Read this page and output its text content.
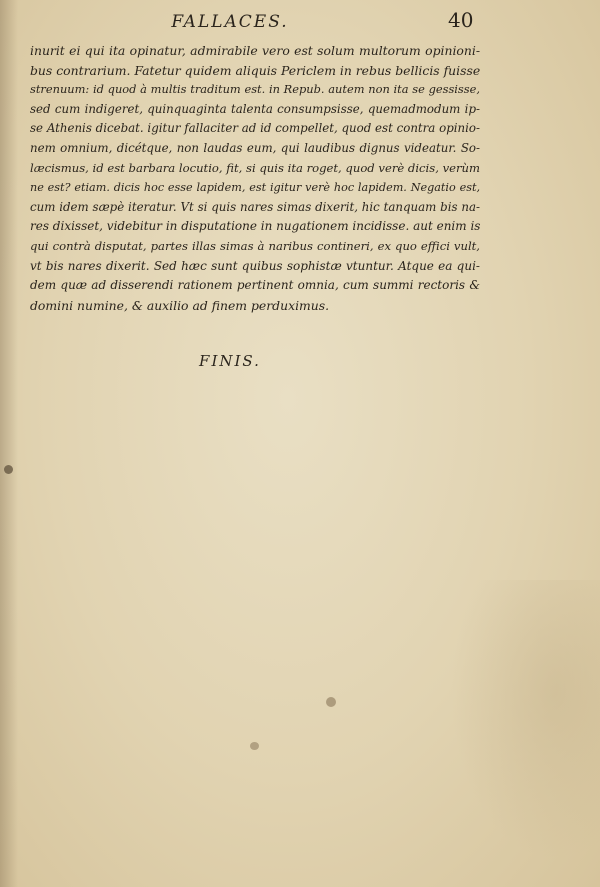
FALLACES.	40
inurit ei qui ita opinatur, admirabile vero est solum multorum opinioni-
bus contrarium. Fatetur quidem aliquis Periclem in rebus bellicis fuisse
strenuum: id quod à multis traditum est. in Repub. autem non ita se gessisse,
sed cum indigeret, quinquaginta talenta consumpsisse, quemadmodum ip-
se Athenis dicebat. igitur fallaciter ad id compellet, quod est contra opinio-
nem omnium, dicétque, non laudas eum, qui laudibus dignus videatur. So-
læcismus, id est barbara locutio, fit, si quis ita roget, quod verè dicis, verùm
ne est? etiam. dicis hoc esse lapidem, est igitur verè hoc lapidem. Negatio est,
cum idem sæpè iteratur. Vt si quis nares simas dixerit, hic tanquam bis na-
res dixisset, videbitur in disputatione in nugationem incidisse. aut enim is
qui contrà disputat, partes illas simas à naribus contineri, ex quo effici vult,
vt bis nares dixerit. Sed hæc sunt quibus sophistæ vtuntur. Atque ea qui-
dem quæ ad disserendi rationem pertinent omnia, cum summi rectoris &
domini numine, & auxilio ad finem perduximus.
FINIS.
